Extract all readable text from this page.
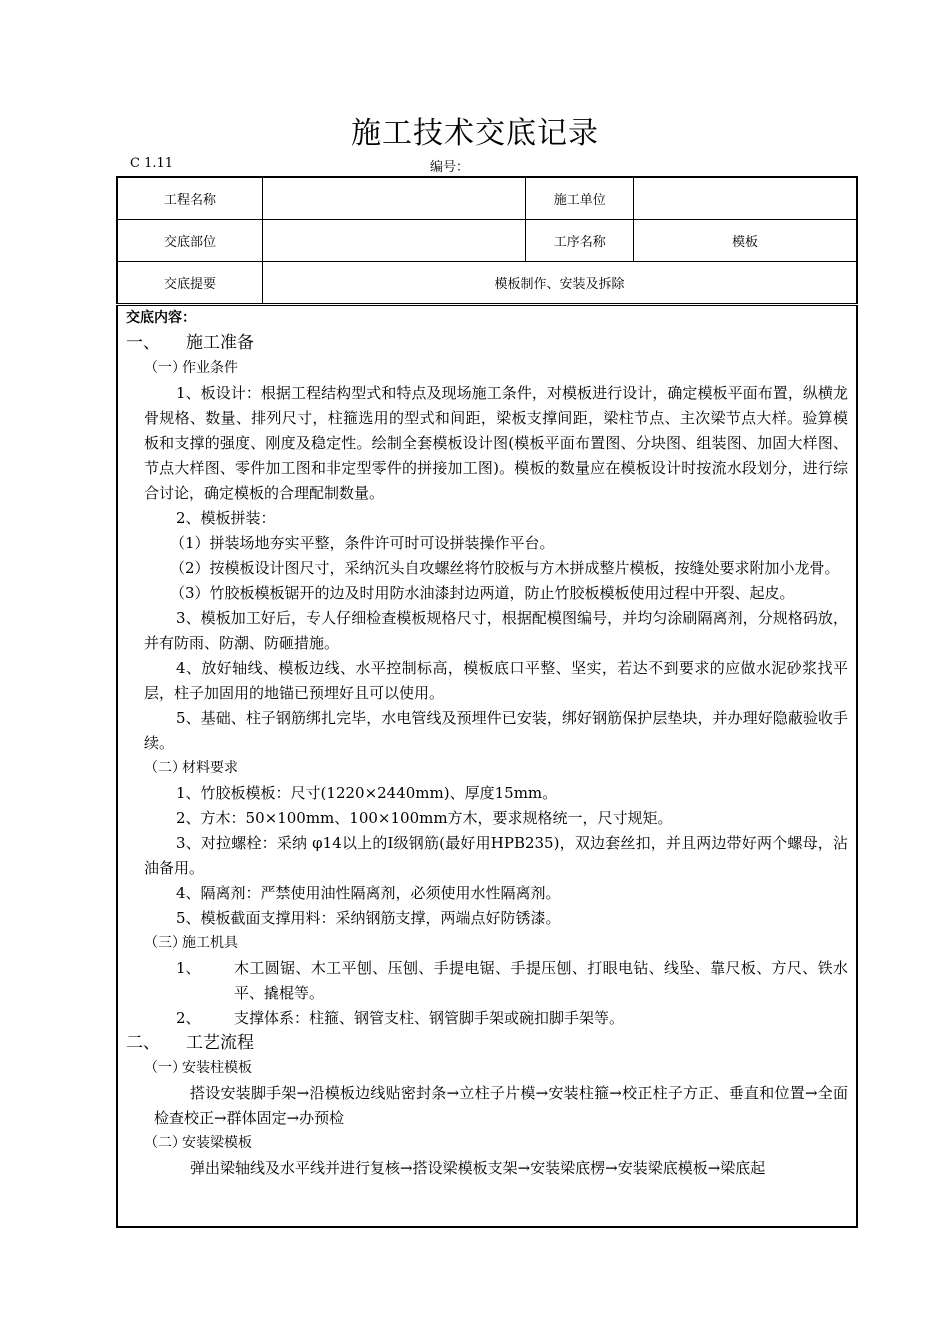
施工技术交底记录
C 1.11	编号：
工程名称		施工单位	
交底部位		工序名称	模板
交底提要	模板制作、安装及拆除		

交底内容：

一、 施工准备

（一）作业条件

1、板设计：根据工程结构型式和特点及现场施工条件，对模板进行设计，确定模板平面布置，纵横龙骨规格、数量、排列尺寸，柱箍选用的型式和间距，梁板支撑间距，梁柱节点、主次梁节点大样。验算模板和支撑的强度、刚度及稳定性。绘制全套模板设计图(模板平面布置图、分块图、组装图、加固大样图、节点大样图、零件加工图和非定型零件的拼接加工图)。模板的数量应在模板设计时按流水段划分，进行综合讨论，确定模板的合理配制数量。

2、模板拼装：

（1）拼装场地夯实平整，条件许可时可设拼装操作平台。

（2）按模板设计图尺寸，采纳沉头自攻螺丝将竹胶板与方木拼成整片模板，按缝处要求附加小龙骨。

（3）竹胶板模板锯开的边及时用防水油漆封边两道，防止竹胶板模板使用过程中开裂、起皮。

3、模板加工好后，专人仔细检查模板规格尺寸，根据配模图编号，并均匀涂刷隔离剂，分规格码放，并有防雨、防潮、防砸措施。

4、放好轴线、模板边线、水平控制标高，模板底口平整、坚实，若达不到要求的应做水泥砂浆找平层，柱子加固用的地锚已预埋好且可以使用。

5、基础、柱子钢筋绑扎完毕，水电管线及预埋件已安装，绑好钢筋保护层垫块，并办理好隐蔽验收手续。

（二）材料要求

1、竹胶板模板：尺寸(1220×2440mm)、厚度15mm。

2、方木：50×100mm、100×100mm方木，要求规格统一，尺寸规矩。

3、对拉螺栓：采纳 φ14以上的Ⅰ级钢筋(最好用HPB235)，双边套丝扣，并且两边带好两个螺母，沾油备用。

4、隔离剂：严禁使用油性隔离剂，必须使用水性隔离剂。

5、模板截面支撑用料：采纳钢筋支撑，两端点好防锈漆。

（三）施工机具

1、	木工圆锯、木工平刨、压刨、手提电锯、手提压刨、打眼电钻、线坠、靠尺板、方尺、铁水平、撬棍等。
2、	支撑体系：柱箍、钢管支柱、钢管脚手架或碗扣脚手架等。

二、 工艺流程

（一）安装柱模板

搭设安装脚手架→沿模板边线贴密封条→立柱子片模→安装柱箍→校正柱子方正、垂直和位置→全面检查校正→群体固定→办预检

（二）安装梁模板

弹出梁轴线及水平线并进行复核→搭设梁模板支架→安装梁底楞→安装梁底模板→梁底起
